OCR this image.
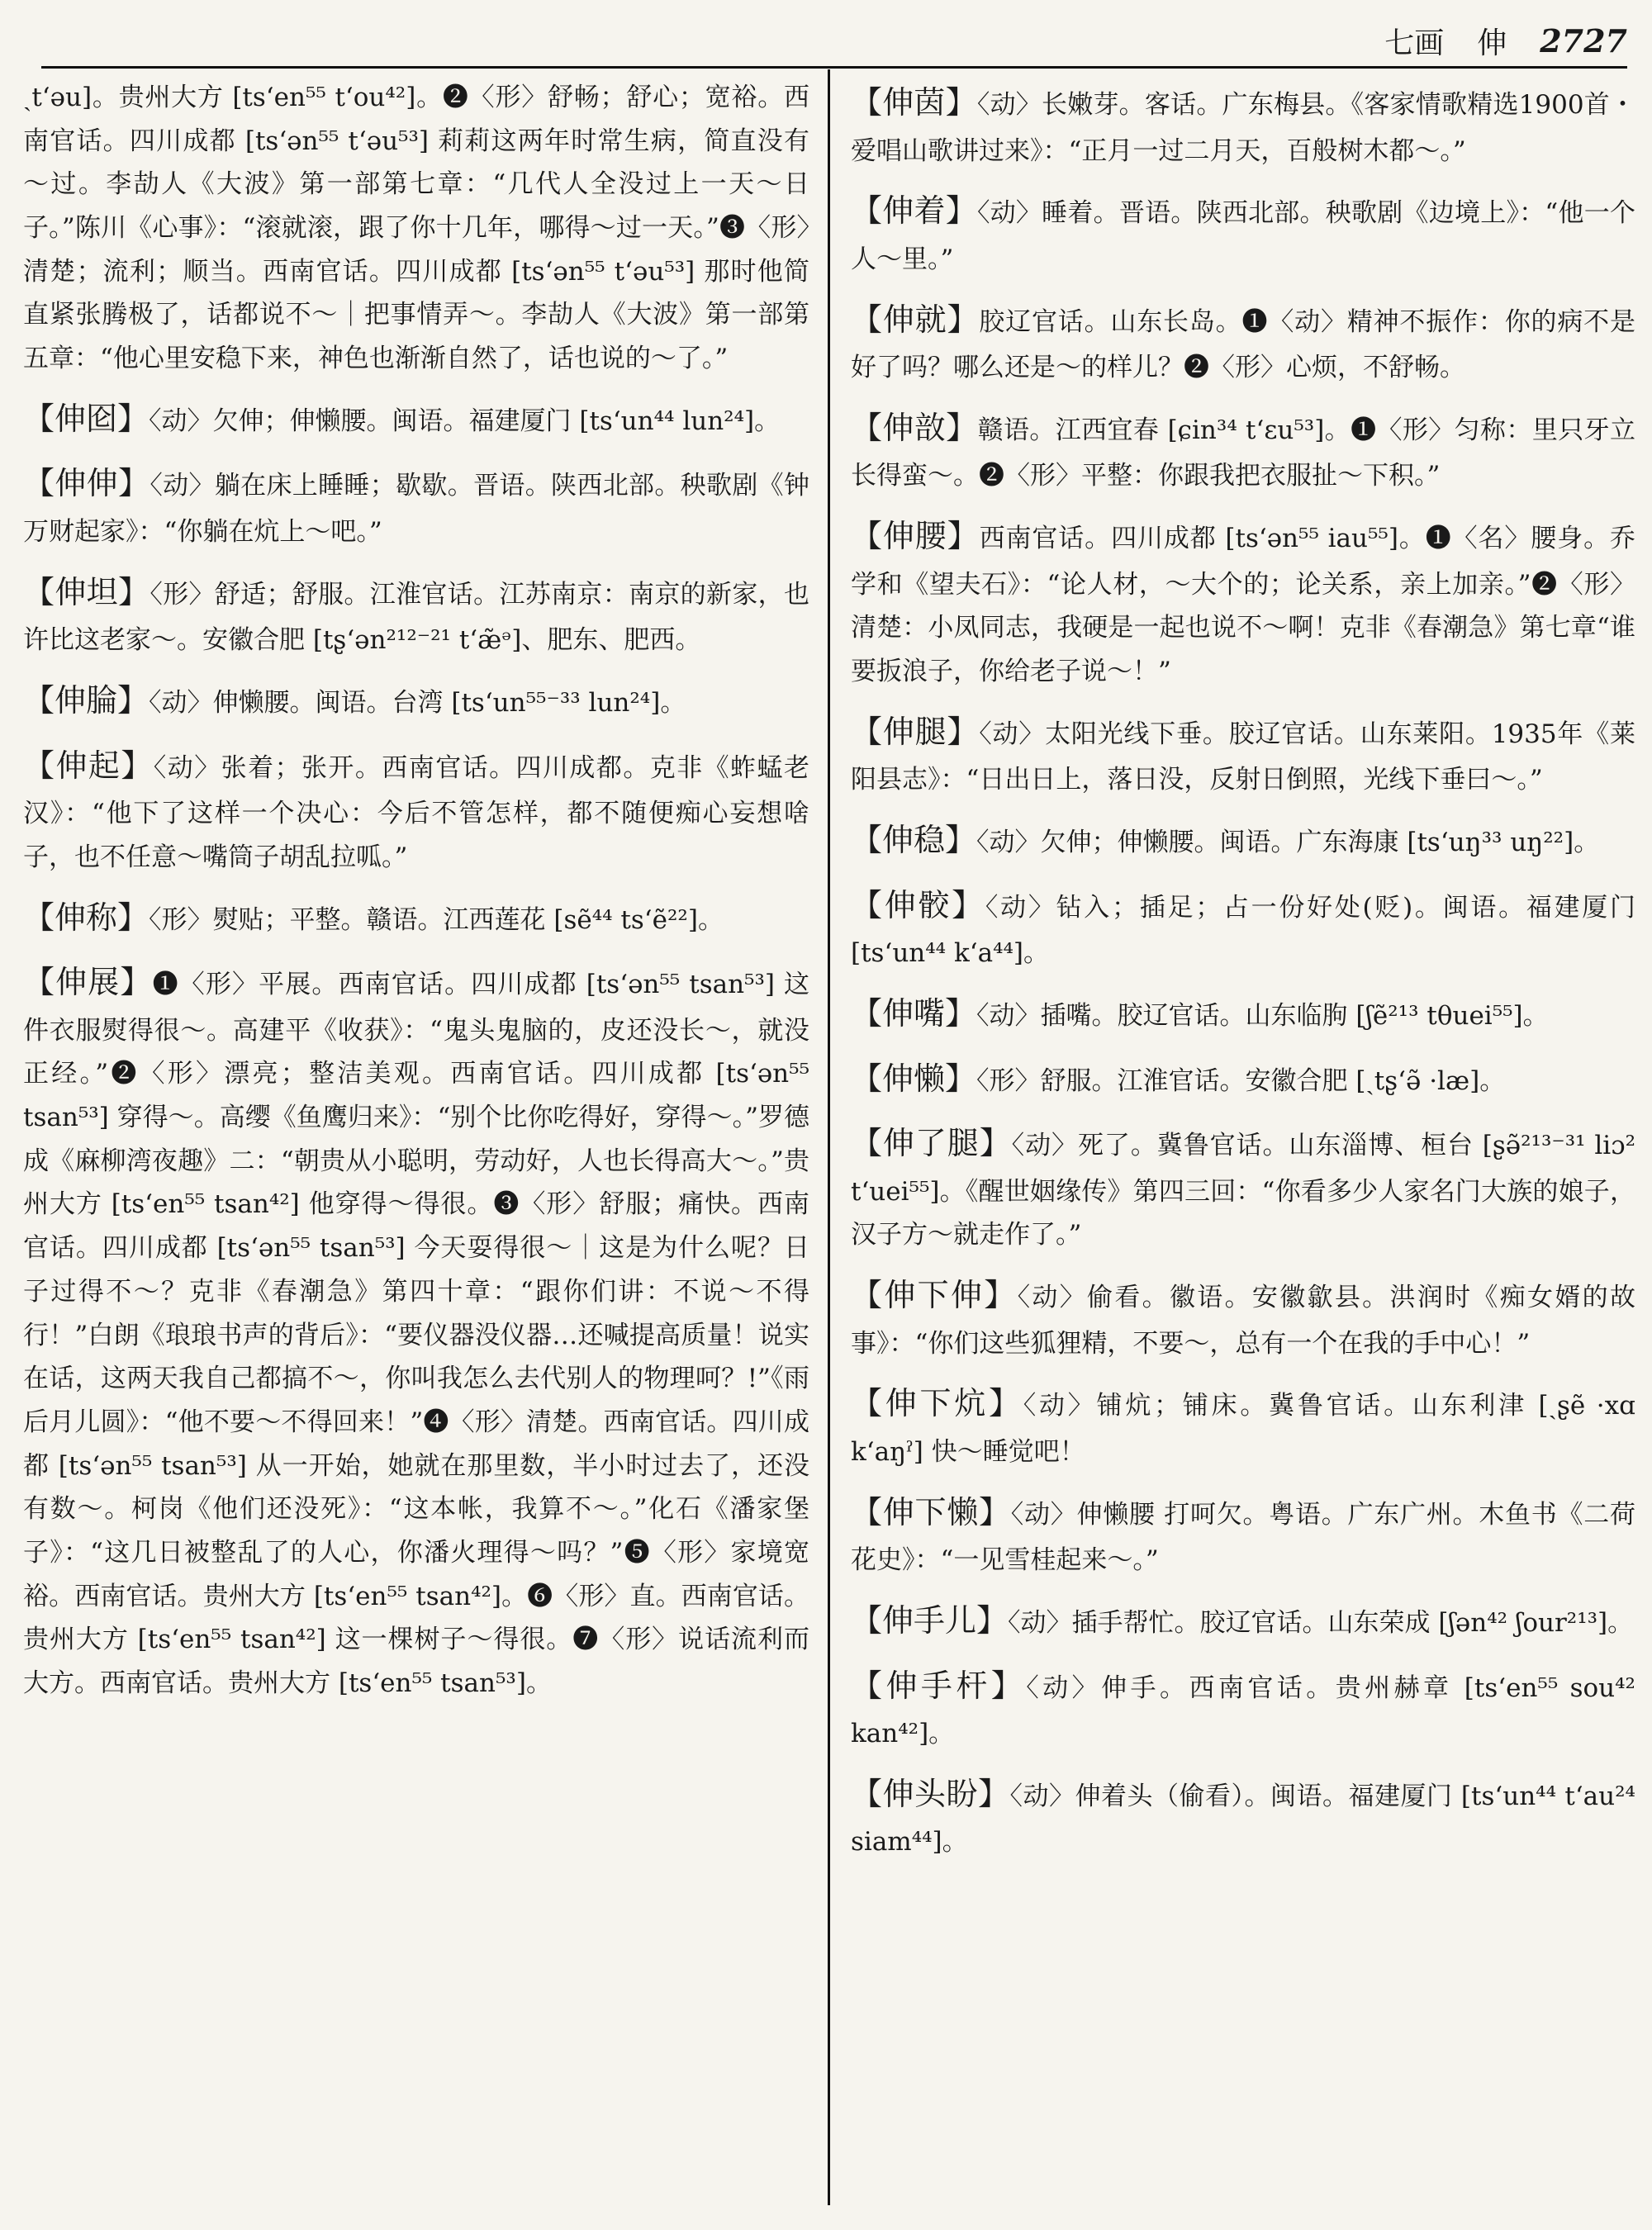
七画 伸 2727

ˏtʻəu]。贵州大方 [tsʻen⁵⁵ tʻou⁴²]。❷〈形〉舒畅；舒心；宽裕。西南官话。四川成都 [tsʻən⁵⁵ tʻəu⁵³] 莉莉这两年时常生病，简直没有～过。李劼人《大波》第一部第七章：“几代人全没过上一天～日子。”陈川《心事》：“滚就滚，跟了你十几年，哪得～过一天。”❸〈形〉清楚；流利；顺当。西南官话。四川成都 [tsʻən⁵⁵ tʻəu⁵³] 那时他简直紧张腾极了，话都说不～｜把事情弄～。李劼人《大波》第一部第五章：“他心里安稳下来，神色也渐渐自然了，话也说的～了。”

【伸囵】〈动〉欠伸；伸懒腰。闽语。福建厦门 [tsʻun⁴⁴ lun²⁴]。

【伸伸】〈动〉躺在床上睡睡；歇歇。晋语。陕西北部。秧歌剧《钟万财起家》：“你躺在炕上～吧。”

【伸坦】〈形〉舒适；舒服。江淮官话。江苏南京：南京的新家，也许比这老家～。安徽合肥 [tʂʻən²¹²⁻²¹ tʻæ̃ᵊ]、肥东、肥西。

【伸腀】〈动〉伸懒腰。闽语。台湾 [tsʻun⁵⁵⁻³³ lun²⁴]。

【伸起】〈动〉张着；张开。西南官话。四川成都。克非《蚱蜢老汉》：“他下了这样一个决心：今后不管怎样，都不随便痴心妄想啥子，也不任意～嘴筒子胡乱拉呱。”

【伸称】〈形〉熨贴；平整。赣语。江西莲花 [sẽ⁴⁴ tsʻẽ²²]。

【伸展】❶〈形〉平展。西南官话。四川成都 [tsʻən⁵⁵ tsan⁵³] 这件衣服熨得很～。高建平《收获》：“鬼头鬼脑的，皮还没长～，就没正经。”❷〈形〉漂亮；整洁美观。西南官话。四川成都 [tsʻən⁵⁵ tsan⁵³] 穿得～。高缨《鱼鹰归来》：“别个比你吃得好，穿得～。”罗德成《麻柳湾夜趣》二：“朝贵从小聪明，劳动好，人也长得高大～。”贵州大方 [tsʻen⁵⁵ tsan⁴²] 他穿得～得很。❸〈形〉舒服；痛快。西南官话。四川成都 [tsʻən⁵⁵ tsan⁵³] 今天耍得很～｜这是为什么呢？日子过得不～？克非《春潮急》第四十章：“跟你们讲：不说～不得行！”白朗《琅琅书声的背后》：“要仪器没仪器…还喊提高质量！说实在话，这两天我自己都搞不～，你叫我怎么去代别人的物理呵？!”《雨后月儿圆》：“他不要～不得回来！”❹〈形〉清楚。西南官话。四川成都 [tsʻən⁵⁵ tsan⁵³] 从一开始，她就在那里数，半小时过去了，还没有数～。柯岗《他们还没死》：“这本帐，我算不～。”化石《潘家堡子》：“这几日被整乱了的人心，你潘火理得～吗？”❺〈形〉家境宽裕。西南官话。贵州大方 [tsʻen⁵⁵ tsan⁴²]。❻〈形〉直。西南官话。贵州大方 [tsʻen⁵⁵ tsan⁴²] 这一棵树子～得很。❼〈形〉说话流利而大方。西南官话。贵州大方 [tsʻen⁵⁵ tsan⁵³]。

【伸茵】〈动〉长嫩芽。客话。广东梅县。《客家情歌精选1900首・爱唱山歌讲过来》：“正月一过二月天，百般树木都～。”

【伸着】〈动〉睡着。晋语。陕西北部。秧歌剧《边境上》：“他一个人～里。”

【伸就】胶辽官话。山东长岛。❶〈动〉精神不振作：你的病不是好了吗？哪么还是～的样儿？❷〈形〉心烦，不舒畅。

【伸敨】赣语。江西宜春 [ɕin³⁴ tʻɛu⁵³]。❶〈形〉匀称：里只牙立长得蛮～。❷〈形〉平整：你跟我把衣服扯～下积。”

【伸腰】西南官话。四川成都 [tsʻən⁵⁵ iau⁵⁵]。❶〈名〉腰身。乔学和《望夫石》：“论人材，～大个的；论关系，亲上加亲。”❷〈形〉清楚：小凤同志，我硬是一起也说不～啊！克非《春潮急》第七章“谁要扳浪子，你给老子说～！”

【伸腿】〈动〉太阳光线下垂。胶辽官话。山东莱阳。1935年《莱阳县志》：“日出日上，落日没，反射日倒照，光线下垂曰～。”

【伸稳】〈动〉欠伸；伸懒腰。闽语。广东海康 [tsʻuŋ³³ uŋ²²]。

【伸骹】〈动〉钻入；插足；占一份好处(贬)。闽语。福建厦门 [tsʻun⁴⁴ kʻa⁴⁴]。

【伸嘴】〈动〉插嘴。胶辽官话。山东临朐 [ʃẽ²¹³ tθuei⁵⁵]。

【伸懒】〈形〉舒服。江淮官话。安徽合肥 [ˏtʂʻə̃ ·læ]。

【伸了腿】〈动〉死了。冀鲁官话。山东淄博、桓台 [ʂə̃²¹³⁻³¹ liɔ² tʻuei⁵⁵]。《醒世姻缘传》第四三回：“你看多少人家名门大族的娘子，汉子方～就走作了。”

【伸下伸】〈动〉偷看。徽语。安徽歙县。洪润时《痴女婿的故事》：“你们这些狐狸精，不要～，总有一个在我的手中心！”

【伸下炕】〈动〉铺炕；铺床。冀鲁官话。山东利津 [ˏʂẽ ·xɑ kʻaŋˀ] 快～睡觉吧！

【伸下懒】〈动〉伸懒腰 打呵欠。粤语。广东广州。木鱼书《二荷花史》：“一见雪桂起来～。”

【伸手儿】〈动〉插手帮忙。胶辽官话。山东荣成 [ʃən⁴² ʃour²¹³]。

【伸手杆】〈动〉伸手。西南官话。贵州赫章 [tsʻen⁵⁵ sou⁴² kan⁴²]。

【伸头盼】〈动〉伸着头（偷看）。闽语。福建厦门 [tsʻun⁴⁴ tʻau²⁴ siam⁴⁴]。
